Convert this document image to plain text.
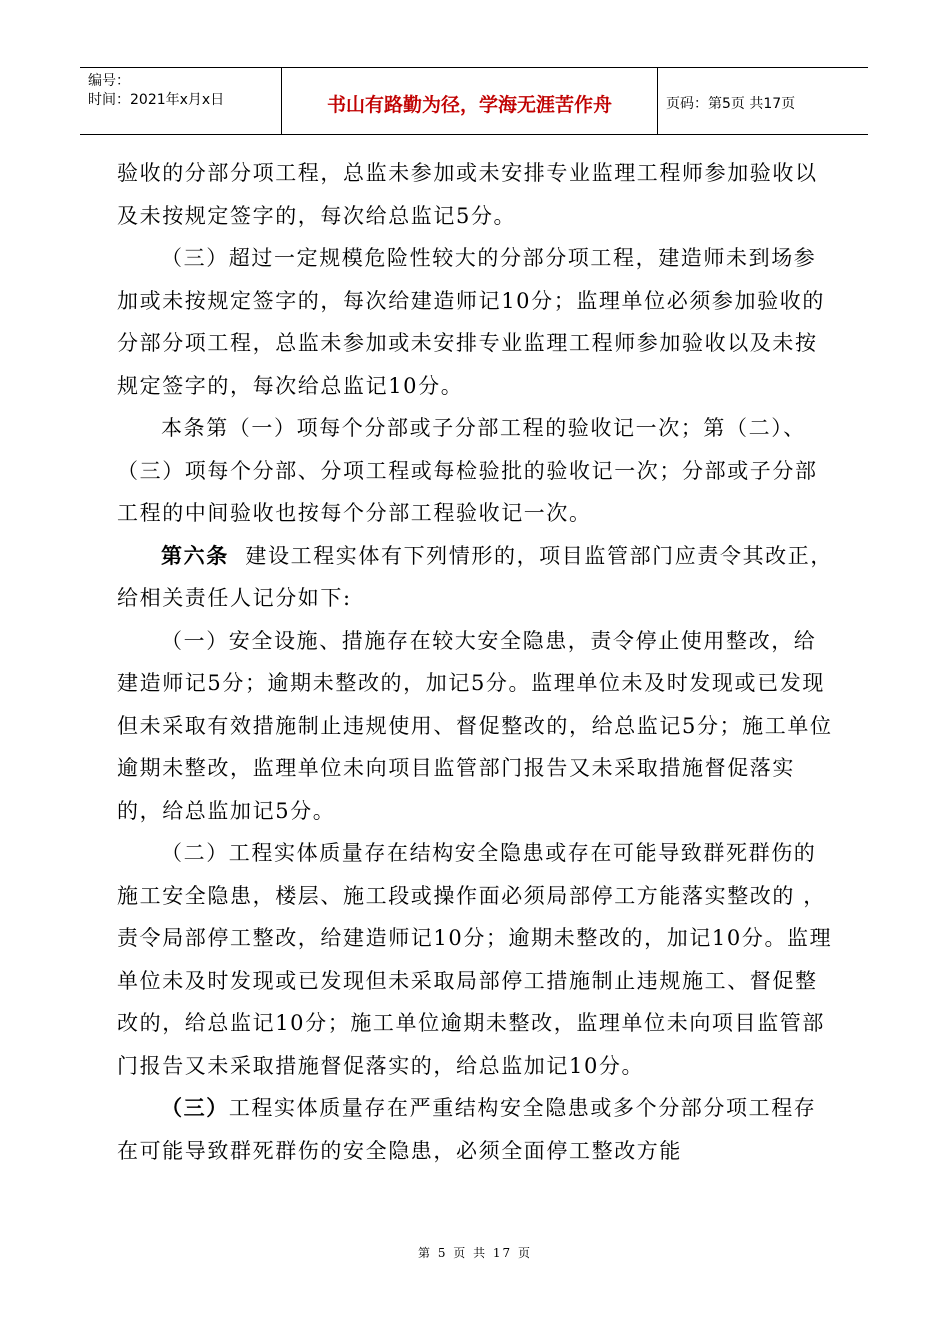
编号：
时间：2021年x月x日	书山有路勤为径，学海无涯苦作舟	页码：第5页 共17页

验收的分部分项工程，总监未参加或未安排专业监理工程师参加验收以及未按规定签字的，每次给总监记5分。

（三）超过一定规模危险性较大的分部分项工程，建造师未到场参加或未按规定签字的，每次给建造师记10分；监理单位必须参加验收的分部分项工程，总监未参加或未安排专业监理工程师参加验收以及未按规定签字的，每次给总监记10分。

本条第（一）项每个分部或子分部工程的验收记一次；第（二）、（三）项每个分部、分项工程或每检验批的验收记一次；分部或子分部工程的中间验收也按每个分部工程验收记一次。

第六条 建设工程实体有下列情形的，项目监管部门应责令其改正，给相关责任人记分如下:

（一）安全设施、措施存在较大安全隐患，责令停止使用整改，给建造师记5分；逾期未整改的，加记5分。监理单位未及时发现或已发现但未采取有效措施制止违规使用、督促整改的，给总监记5分；施工单位逾期未整改，监理单位未向项目监管部门报告又未采取措施督促落实的，给总监加记5分。

（二）工程实体质量存在结构安全隐患或存在可能导致群死群伤的施工安全隐患，楼层、施工段或操作面必须局部停工方能落实整改的 ，责令局部停工整改，给建造师记10分；逾期未整改的，加记10分。监理单位未及时发现或已发现但未采取局部停工措施制止违规施工、督促整改的，给总监记10分；施工单位逾期未整改，监理单位未向项目监管部门报告又未采取措施督促落实的，给总监加记10分。

（三）工程实体质量存在严重结构安全隐患或多个分部分项工程存在可能导致群死群伤的安全隐患，必须全面停工整改方能

第 5 页 共 17 页
